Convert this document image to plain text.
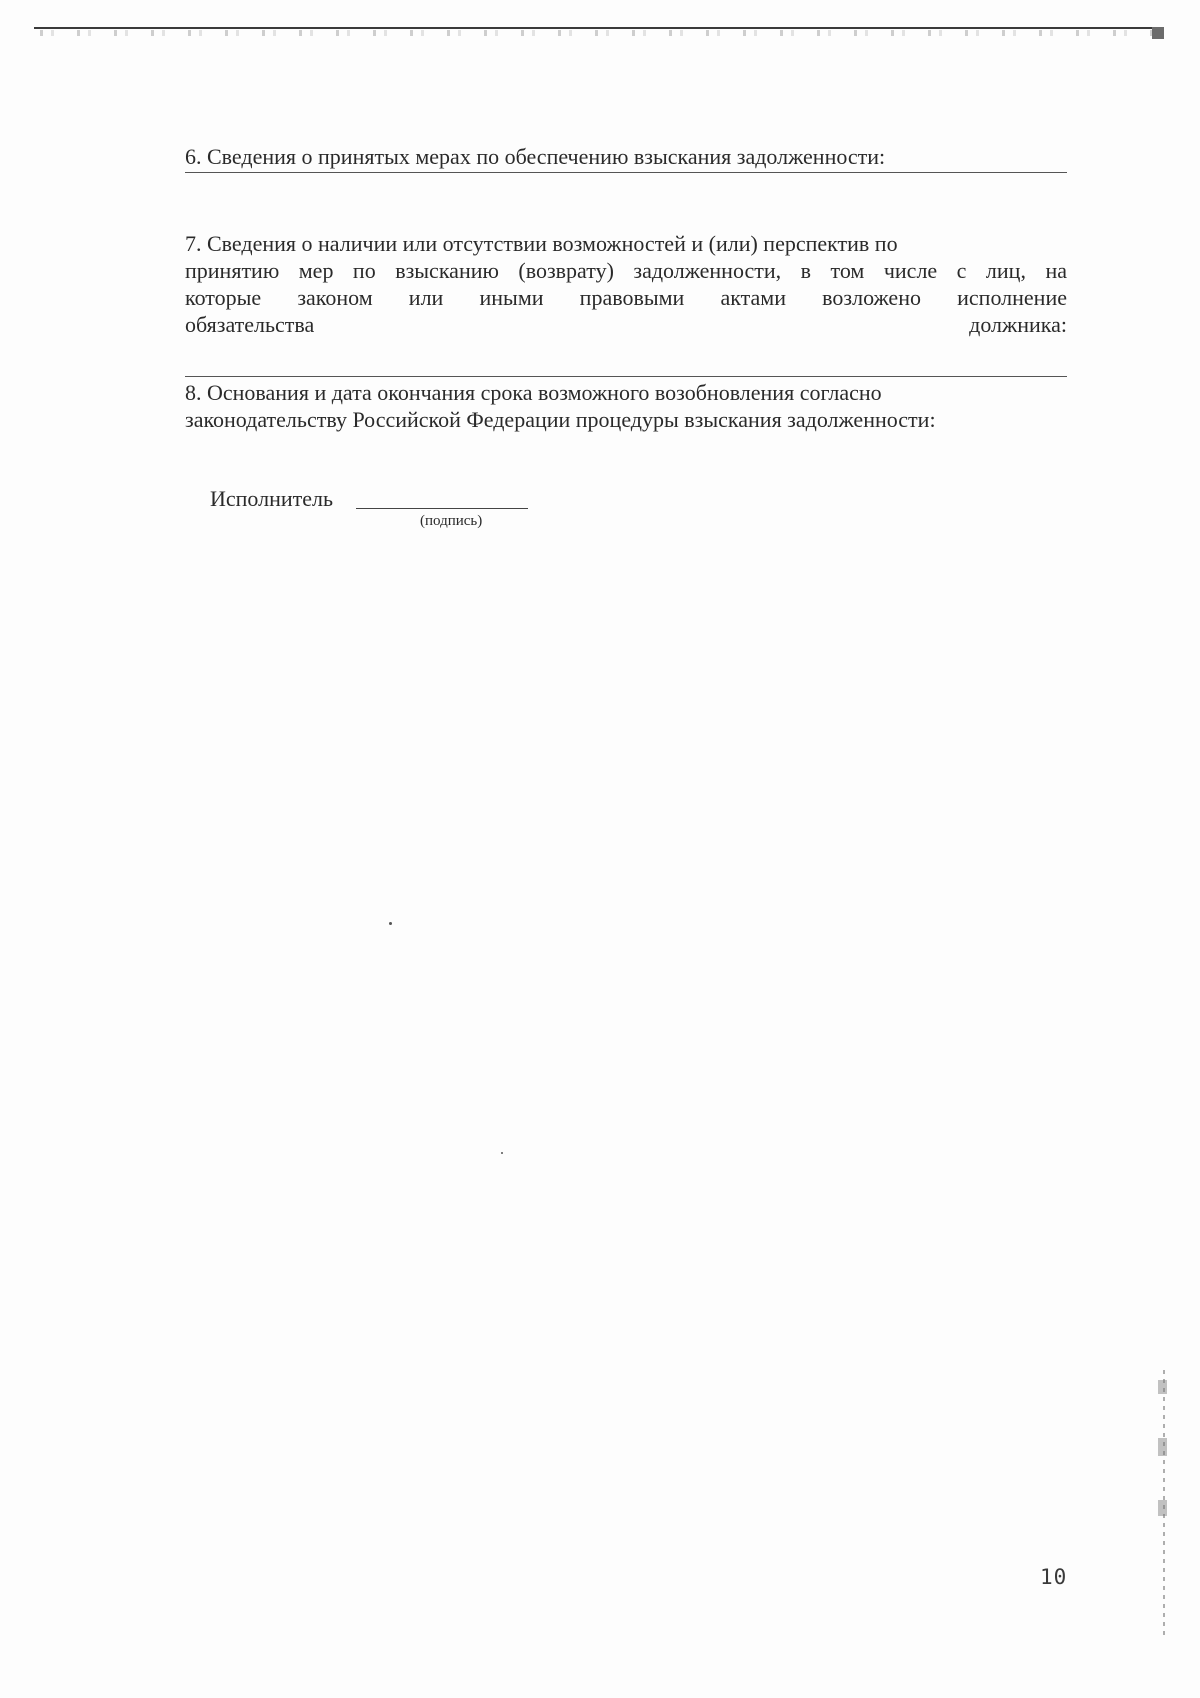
6. Сведения о принятых мерах по обеспечению взыскания задолженности:
7. Сведения о наличии или отсутствии возможностей и (или) перспектив по
принятию мер по взысканию (возврату) задолженности, в том числе с лиц, на
которые законом или иными правовыми актами возложено исполнение
обязательства	должника:
8. Основания и дата окончания срока возможного возобновления согласно
законодательству Российской Федерации процедуры взыскания задолженности:
Исполнитель
(подпись)
10
